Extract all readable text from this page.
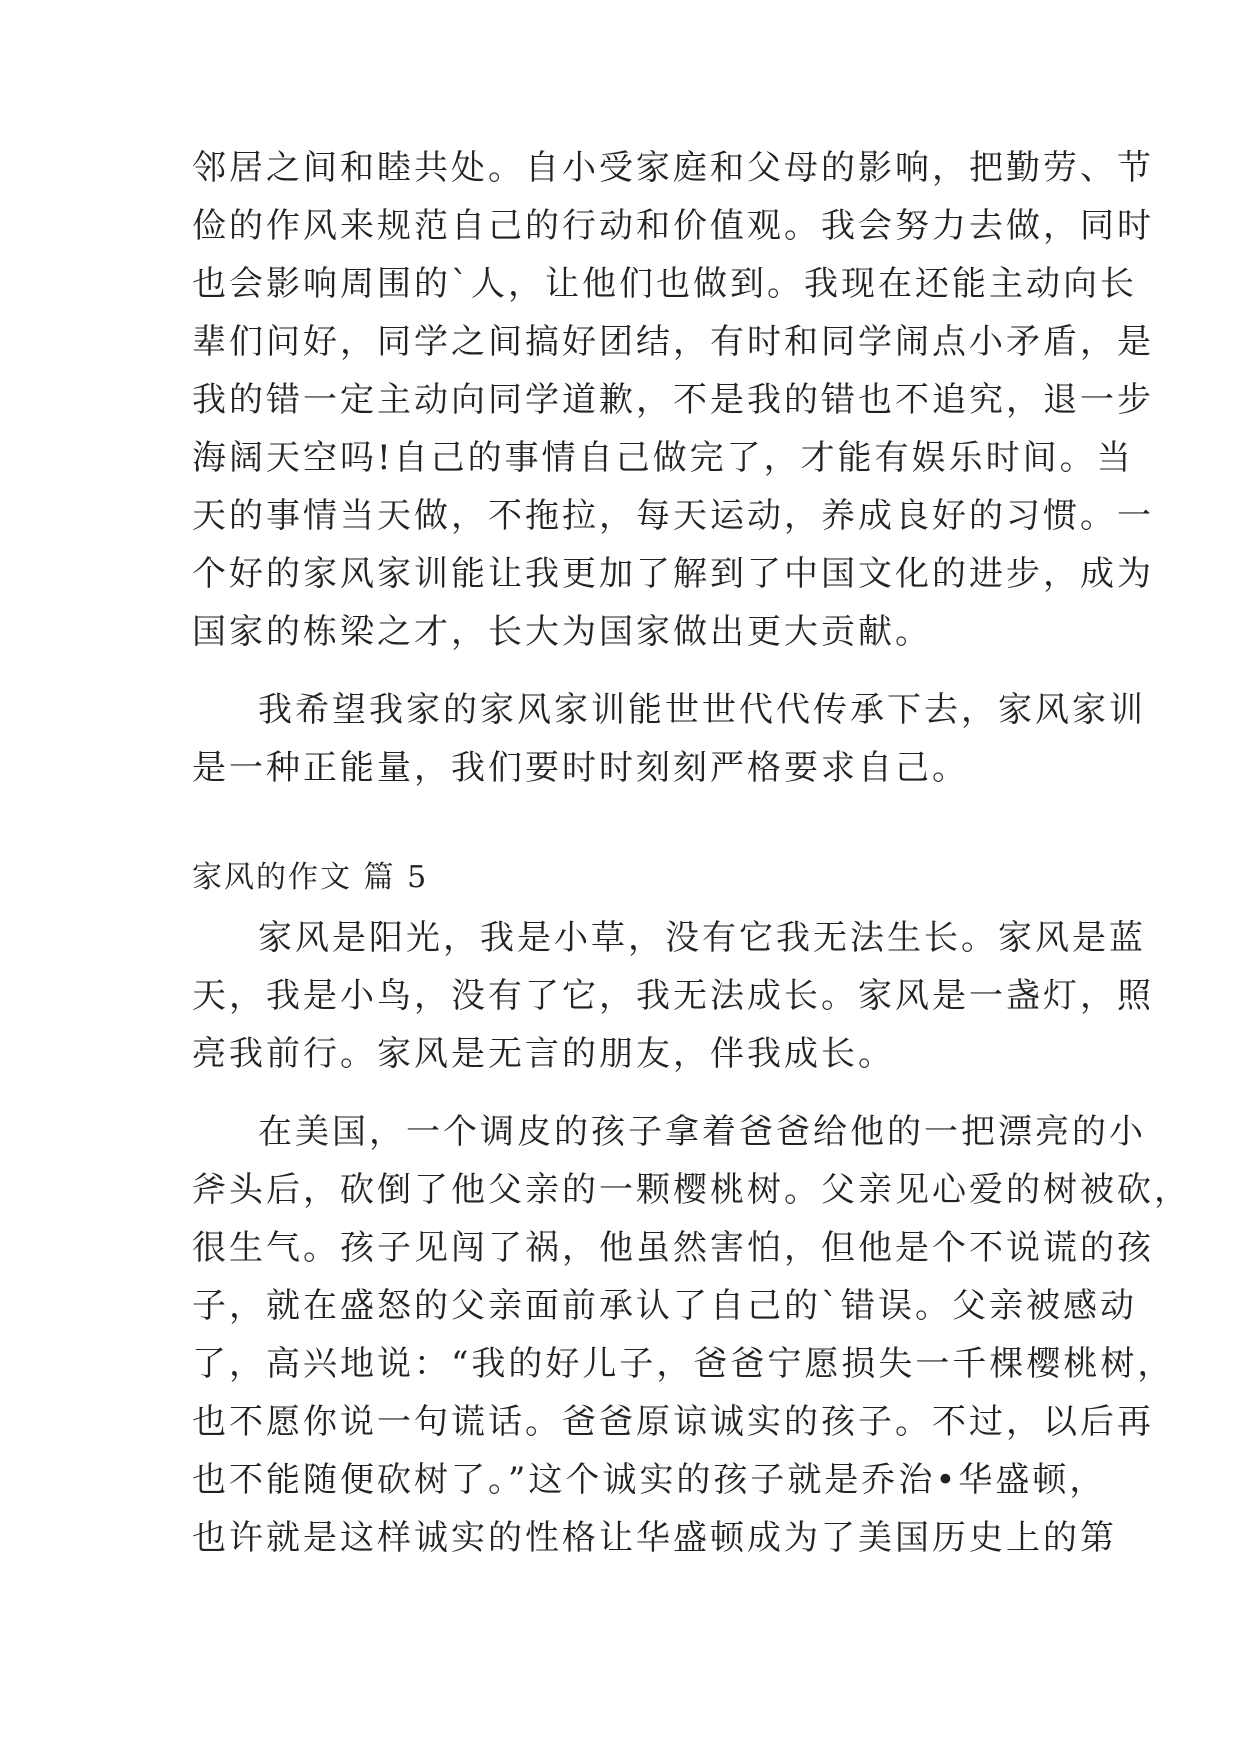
邻居之间和睦共处。自小受家庭和父母的影响，把勤劳、节
俭的作风来规范自己的行动和价值观。我会努力去做，同时
也会影响周围的`人，让他们也做到。我现在还能主动向长
辈们问好，同学之间搞好团结，有时和同学闹点小矛盾，是
我的错一定主动向同学道歉，不是我的错也不追究，退一步
海阔天空吗!自己的事情自己做完了，才能有娱乐时间。当
天的事情当天做，不拖拉，每天运动，养成良好的习惯。一
个好的家风家训能让我更加了解到了中国文化的进步，成为
国家的栋梁之才，长大为国家做出更大贡献。
我希望我家的家风家训能世世代代传承下去，家风家训
是一种正能量，我们要时时刻刻严格要求自己。
家风的作文 篇 5
家风是阳光，我是小草，没有它我无法生长。家风是蓝
天，我是小鸟，没有了它，我无法成长。家风是一盏灯，照
亮我前行。家风是无言的朋友，伴我成长。
在美国，一个调皮的孩子拿着爸爸给他的一把漂亮的小
斧头后，砍倒了他父亲的一颗樱桃树。父亲见心爱的树被砍，
很生气。孩子见闯了祸，他虽然害怕，但他是个不说谎的孩
子，就在盛怒的父亲面前承认了自己的`错误。父亲被感动
了，高兴地说：“我的好儿子，爸爸宁愿损失一千棵樱桃树，
也不愿你说一句谎话。爸爸原谅诚实的孩子。不过，以后再
也不能随便砍树了。”这个诚实的孩子就是乔治•华盛顿，
也许就是这样诚实的性格让华盛顿成为了美国历史上的第
